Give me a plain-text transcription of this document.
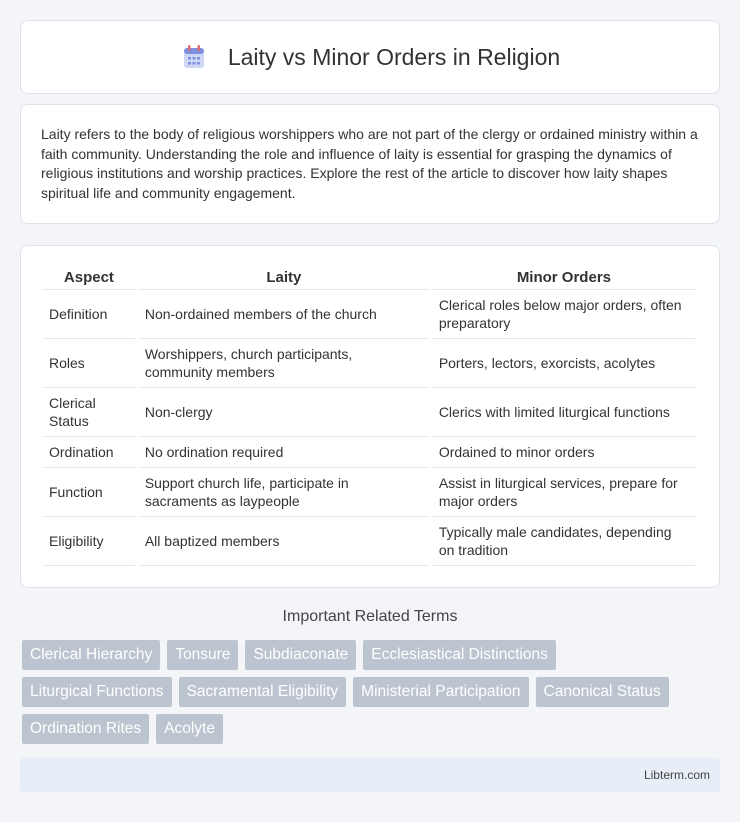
Laity vs Minor Orders in Religion

Laity refers to the body of religious worshippers who are not part of the clergy or ordained ministry within a faith community. Understanding the role and influence of laity is essential for grasping the dynamics of religious institutions and worship practices. Explore the rest of the article to discover how laity shapes spiritual life and community engagement.

Aspect	Laity	Minor Orders
Definition	Non-ordained members of the church	Clerical roles below major orders, often preparatory
Roles	Worshippers, church participants, community members	Porters, lectors, exorcists, acolytes
Clerical Status	Non-clergy	Clerics with limited liturgical functions
Ordination	No ordination required	Ordained to minor orders
Function	Support church life, participate in sacraments as laypeople	Assist in liturgical services, prepare for major orders
Eligibility	All baptized members	Typically male candidates, depending on tradition
Important Related Terms
Clerical Hierarchy	Tonsure	Subdiaconate	Ecclesiastical Distinctions
Liturgical Functions	Sacramental Eligibility	Ministerial Participation	Canonical Status
Ordination Rites	Acolyte
Libterm.com
